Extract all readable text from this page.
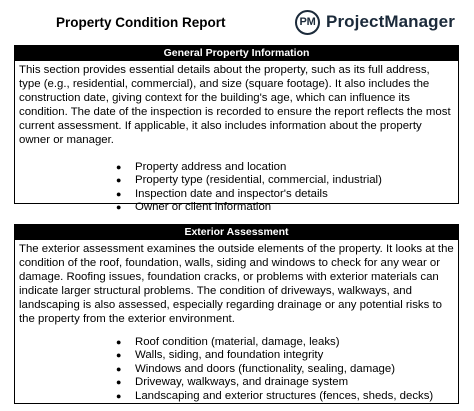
Property Condition Report	PM ProjectManager
General Property Information

This section provides essential details about the property, such as its full address, type (e.g., residential, commercial), and size (square footage). It also includes the construction date, giving context for the building's age, which can influence its condition. The date of the inspection is recorded to ensure the report reflects the most current assessment. If applicable, it also includes information about the property owner or manager.

● Property address and location
● Property type (residential, commercial, industrial)
● Inspection date and inspector's details
● Owner or client information
Exterior Assessment

The exterior assessment examines the outside elements of the property. It looks at the condition of the roof, foundation, walls, siding and windows to check for any wear or damage. Roofing issues, foundation cracks, or problems with exterior materials can indicate larger structural problems. The condition of driveways, walkways, and landscaping is also assessed, especially regarding drainage or any potential risks to the property from the exterior environment.

● Roof condition (material, damage, leaks)
● Walls, siding, and foundation integrity
● Windows and doors (functionality, sealing, damage)
● Driveway, walkways, and drainage system
● Landscaping and exterior structures (fences, sheds, decks)
